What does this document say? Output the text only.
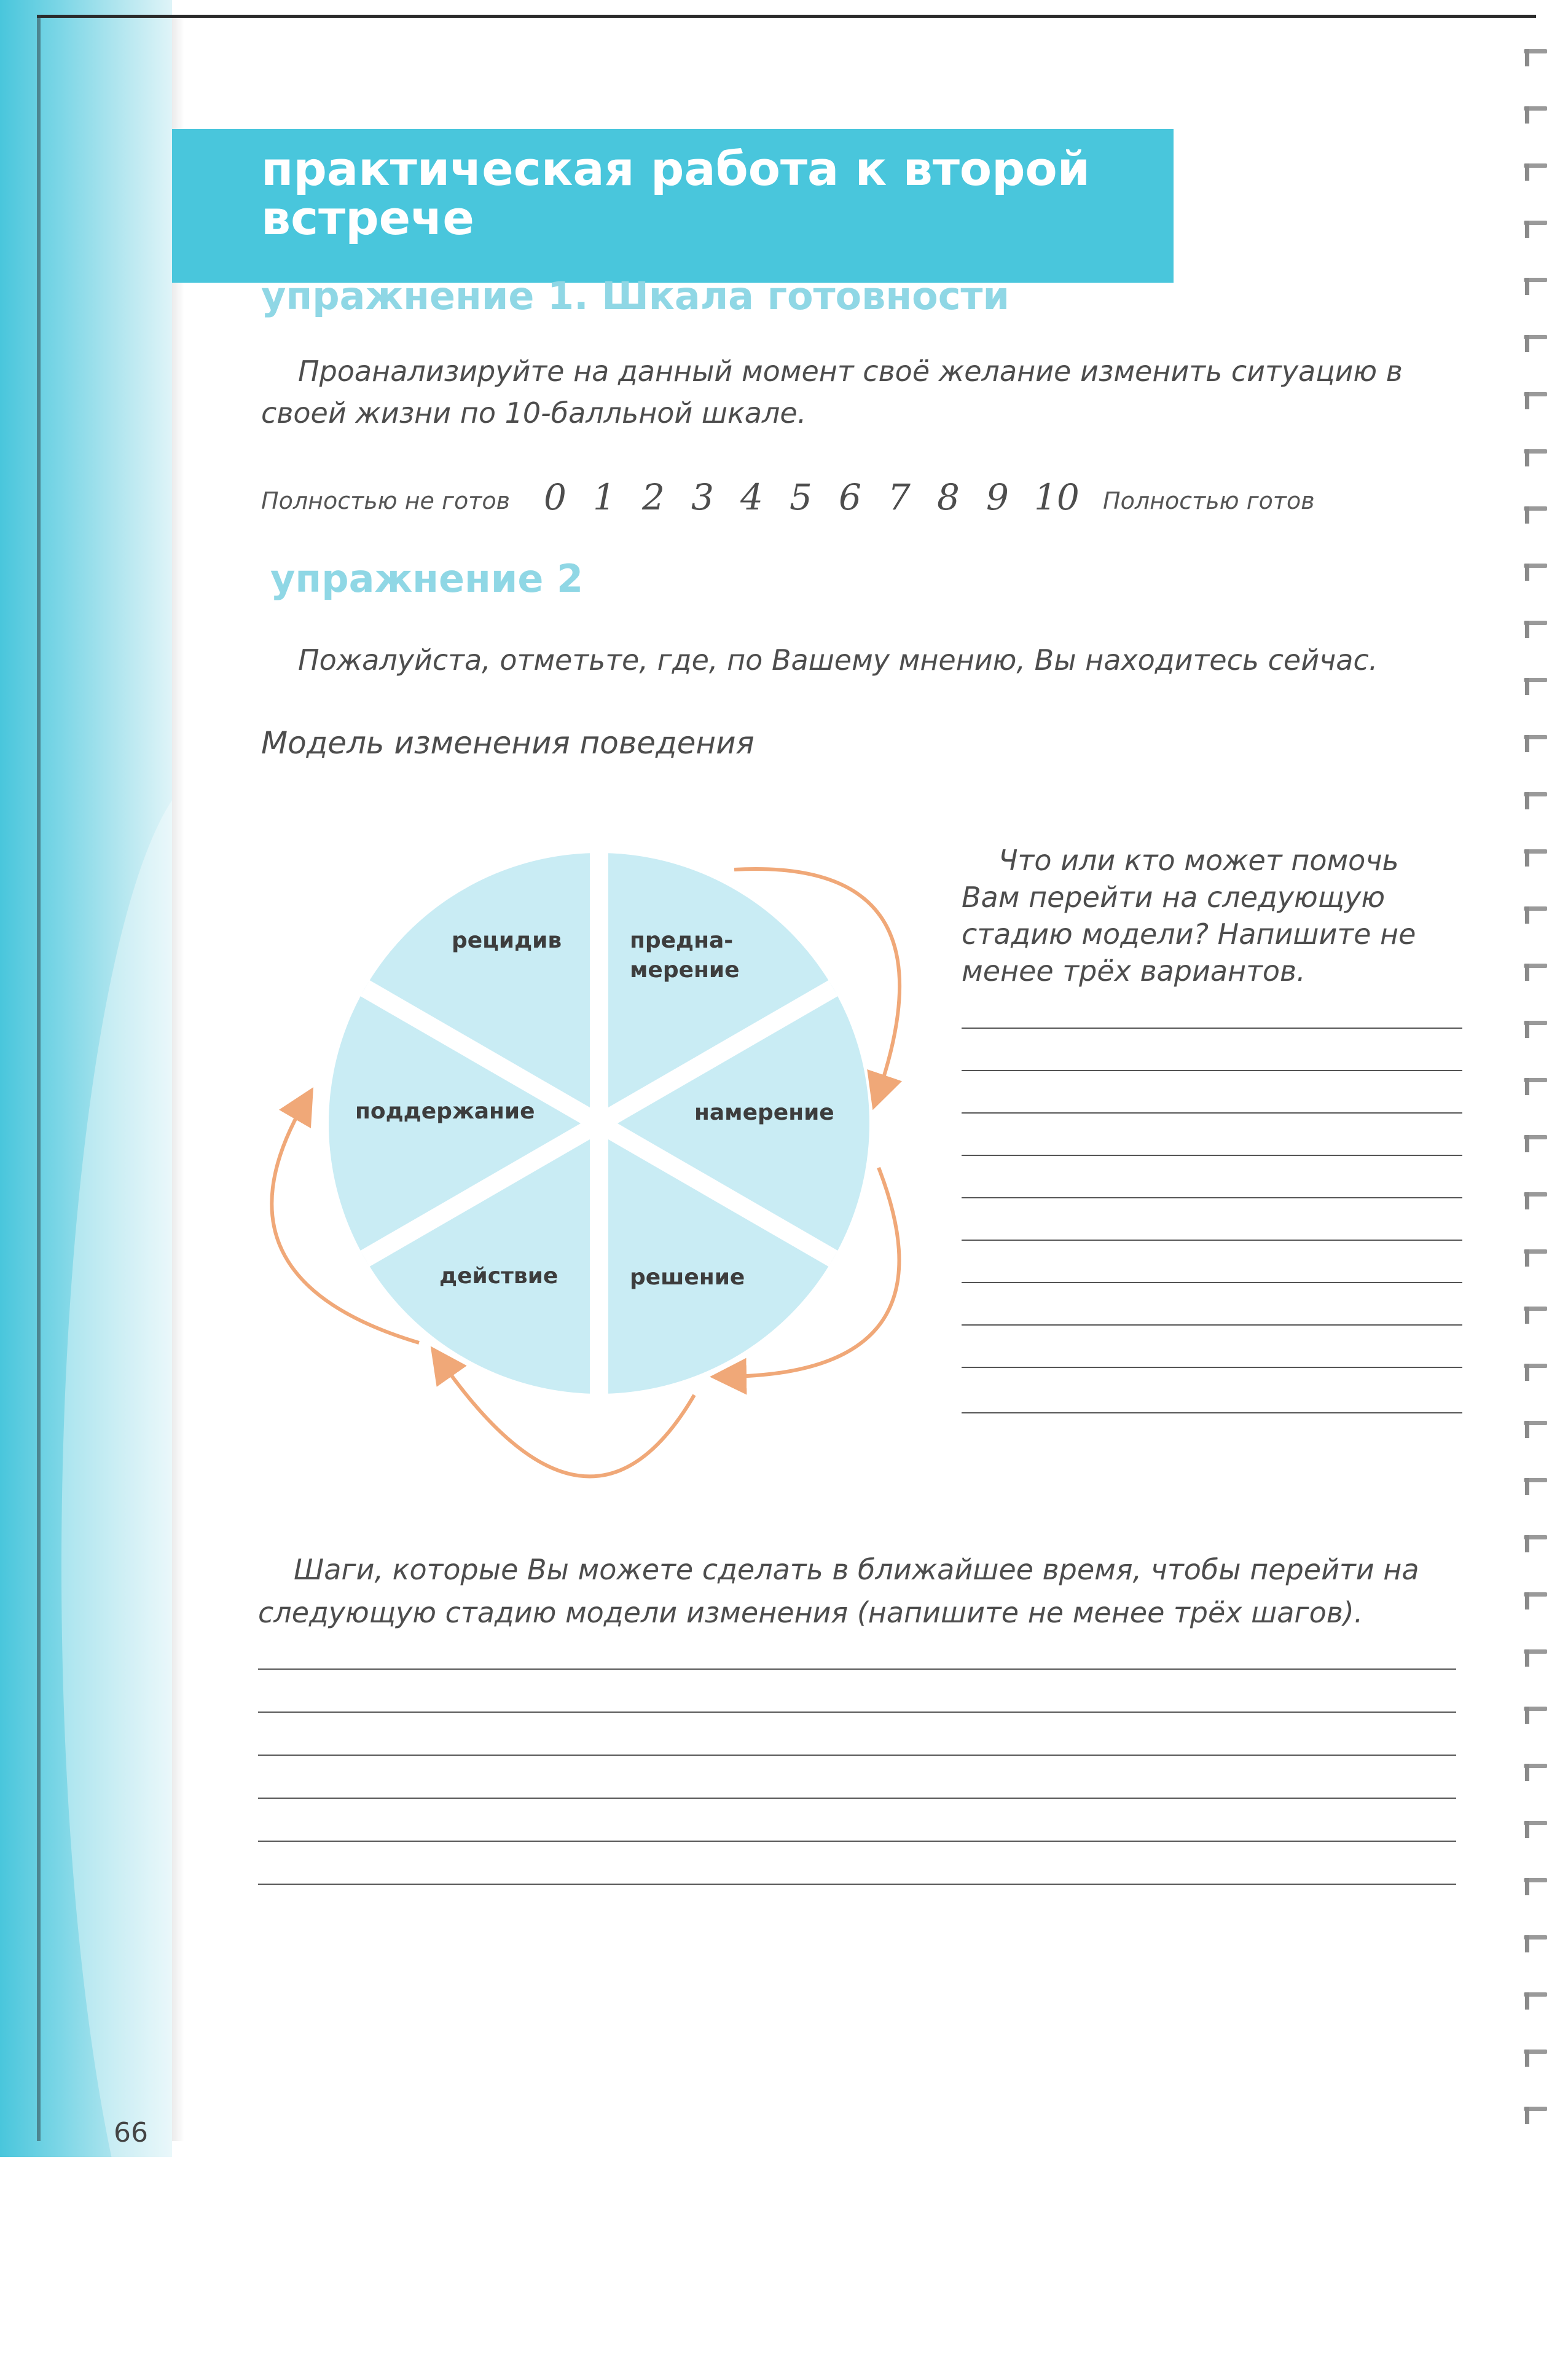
практическая работа к второй встрече
упражнение 1. Шкала готовности
Проанализируйте на данный момент своё желание изменить ситуацию в
своей жизни по 10-балльной шкале.
Полностью не готов 0 1 2 3 4 5 6 7 8 9 10 Полностью готов
упражнение 2
Пожалуйста, отметьте, где, по Вашему мнению, Вы находитесь сейчас.
Модель изменения поведения
рецидив	предна-
мерение
намерение
решение
действие
поддержание
Что или кто может помочь
Вам перейти на следующую
стадию модели? Напишите не
менее трёх вариантов.
Шаги, которые Вы можете сделать в ближайшее время, чтобы перейти на
следующую стадию модели изменения (напишите не менее трёх шагов).
66
